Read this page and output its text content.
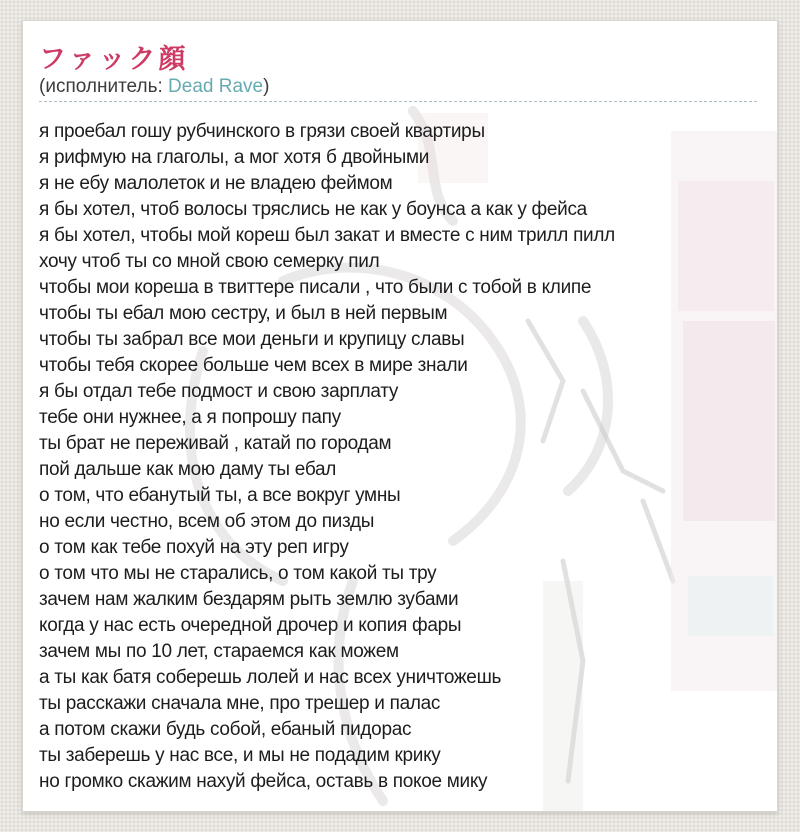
ファック顔

(исполнитель: Dead Rave)

я проебал гошу рубчинского в грязи своей квартиры

я рифмую на глаголы, а мог хотя б двойными

я не ебу малолеток и не владею феймом

я бы хотел, чтоб волосы тряслись не как у боунса а как у фейса

я бы хотел, чтобы мой кореш был закат и вместе с ним трилл пилл

хочу чтоб ты со мной свою семерку пил

чтобы мои кореша в твиттере писали , что были с тобой в клипе

чтобы ты ебал мою сестру, и был в ней первым

чтобы ты забрал все мои деньги и крупицу славы

чтобы тебя скорее больше чем всех в мире знали

я бы отдал тебе подмост и свою зарплату

тебе они нужнее, а я попрошу папу

ты брат не переживай , катай по городам

пой дальше как мою даму ты ебал

о том, что ебанутый ты, а все вокруг умны

но если честно, всем об этом до пизды

о том как тебе похуй на эту реп игру

о том что мы не старались, о том какой ты тру

зачем нам жалким бездарям рыть землю зубами

когда у нас есть очередной дрочер и копия фары

зачем мы по 10 лет, стараемся как можем

а ты как батя соберешь лолей и нас всех уничтожешь

ты расскажи сначала мне, про трешер и палас

а потом скажи будь собой, ебаный пидорас

ты заберешь у нас все, и мы не подадим крику

но громко скажим нахуй фейса, оставь в покое мику
